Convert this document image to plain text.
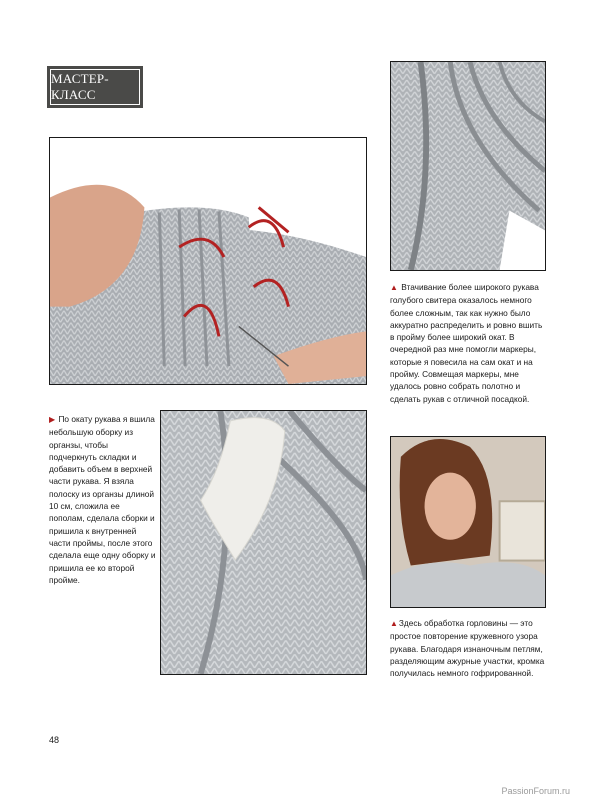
МАСТЕР-КЛАСС

▲ Втачивание более широкого рукава голубого свитера оказалось немного более сложным, так как нужно было аккуратно распределить и ровно вшить в пройму более широкий окат. В очередной раз мне помогли маркеры, которые я повесила на сам окат и на пройму. Совмещая маркеры, мне удалось ровно собрать полотно и сделать рукав с отличной посадкой.

▶ По окату рукава я вшила небольшую оборку из органзы, чтобы подчеркнуть складки и добавить объем в верхней части рукава. Я взяла полоску из органзы длиной 10 см, сложила ее пополам, сделала сборки и пришила к внутренней части проймы, после этого сделала еще одну оборку и пришила ее ко второй пройме.

▲Здесь обработка горловины — это простое повторение кружевного узора рукава. Благодаря изнаночным петлям, разделяющим ажурные участки, кромка получилась немного гофрированной.

48
PassionForum.ru
